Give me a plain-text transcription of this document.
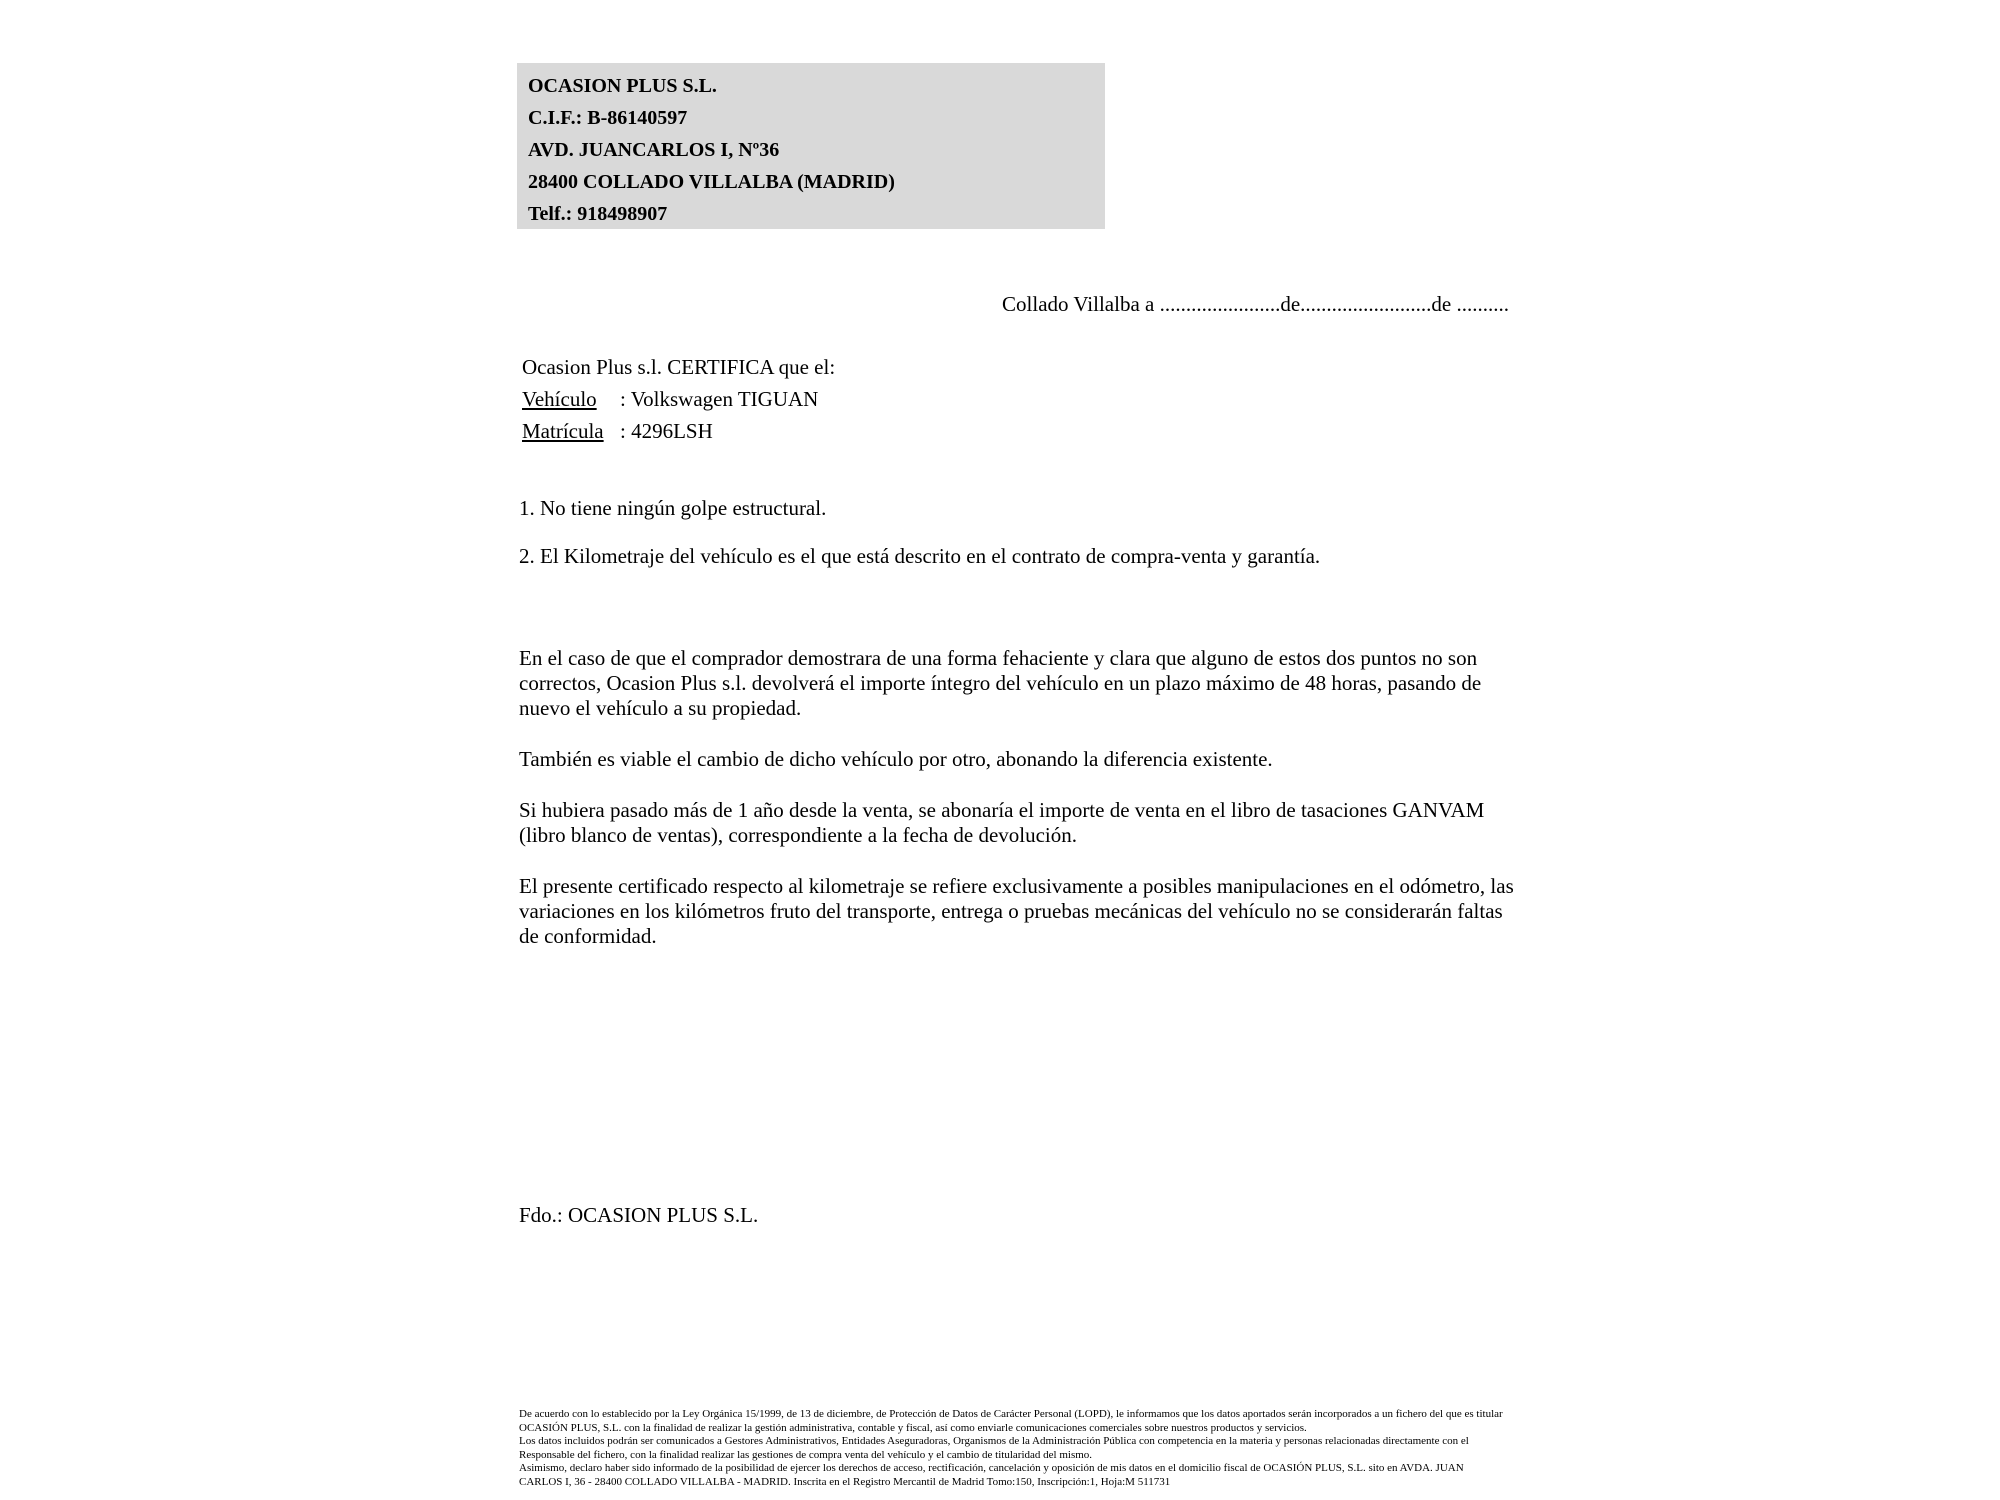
OCASION PLUS S.L.
C.I.F.: B-86140597
AVD. JUANCARLOS I, Nº36
28400 COLLADO VILLALBA (MADRID)
Telf.: 918498907
Collado Villalba a .......................de.........................de ..........
Ocasion Plus s.l. CERTIFICA que el:
Vehículo : Volkswagen TIGUAN
Matrícula : 4296LSH
1. No tiene ningún golpe estructural.
2. El Kilometraje del vehículo es el que está descrito en el contrato de compra-venta y garantía.

En el caso de que el comprador demostrara de una forma fehaciente y clara que alguno de estos dos puntos no son correctos, Ocasion Plus s.l. devolverá el importe íntegro del vehículo en un plazo máximo de 48 horas, pasando de nuevo el vehículo a su propiedad.

También es viable el cambio de dicho vehículo por otro, abonando la diferencia existente.

Si hubiera pasado más de 1 año desde la venta, se abonaría el importe de venta en el libro de tasaciones GANVAM (libro blanco de ventas), correspondiente a la fecha de devolución.

El presente certificado respecto al kilometraje se refiere exclusivamente a posibles manipulaciones en el odómetro, las variaciones en los kilómetros fruto del transporte, entrega o pruebas mecánicas del vehículo no se considerarán faltas de conformidad.

Fdo.: OCASION PLUS S.L.
De acuerdo con lo establecido por la Ley Orgánica 15/1999, de 13 de diciembre, de Protección de Datos de Carácter Personal (LOPD), le informamos que los datos aportados serán incorporados a un fichero del que es titular
OCASIÓN PLUS, S.L. con la finalidad de realizar la gestión administrativa, contable y fiscal, así como enviarle comunicaciones comerciales sobre nuestros productos y servicios.
Los datos incluidos podrán ser comunicados a Gestores Administrativos, Entidades Aseguradoras, Organismos de la Administración Pública con competencia en la materia y personas relacionadas directamente con el
Responsable del fichero, con la finalidad realizar las gestiones de compra venta del vehículo y el cambio de titularidad del mismo.
Asimismo, declaro haber sido informado de la posibilidad de ejercer los derechos de acceso, rectificación, cancelación y oposición de mis datos en el domicilio fiscal de OCASIÓN PLUS, S.L. sito en AVDA. JUAN
CARLOS I, 36 - 28400 COLLADO VILLALBA - MADRID. Inscrita en el Registro Mercantil de Madrid Tomo:150, Inscripción:1, Hoja:M 511731
